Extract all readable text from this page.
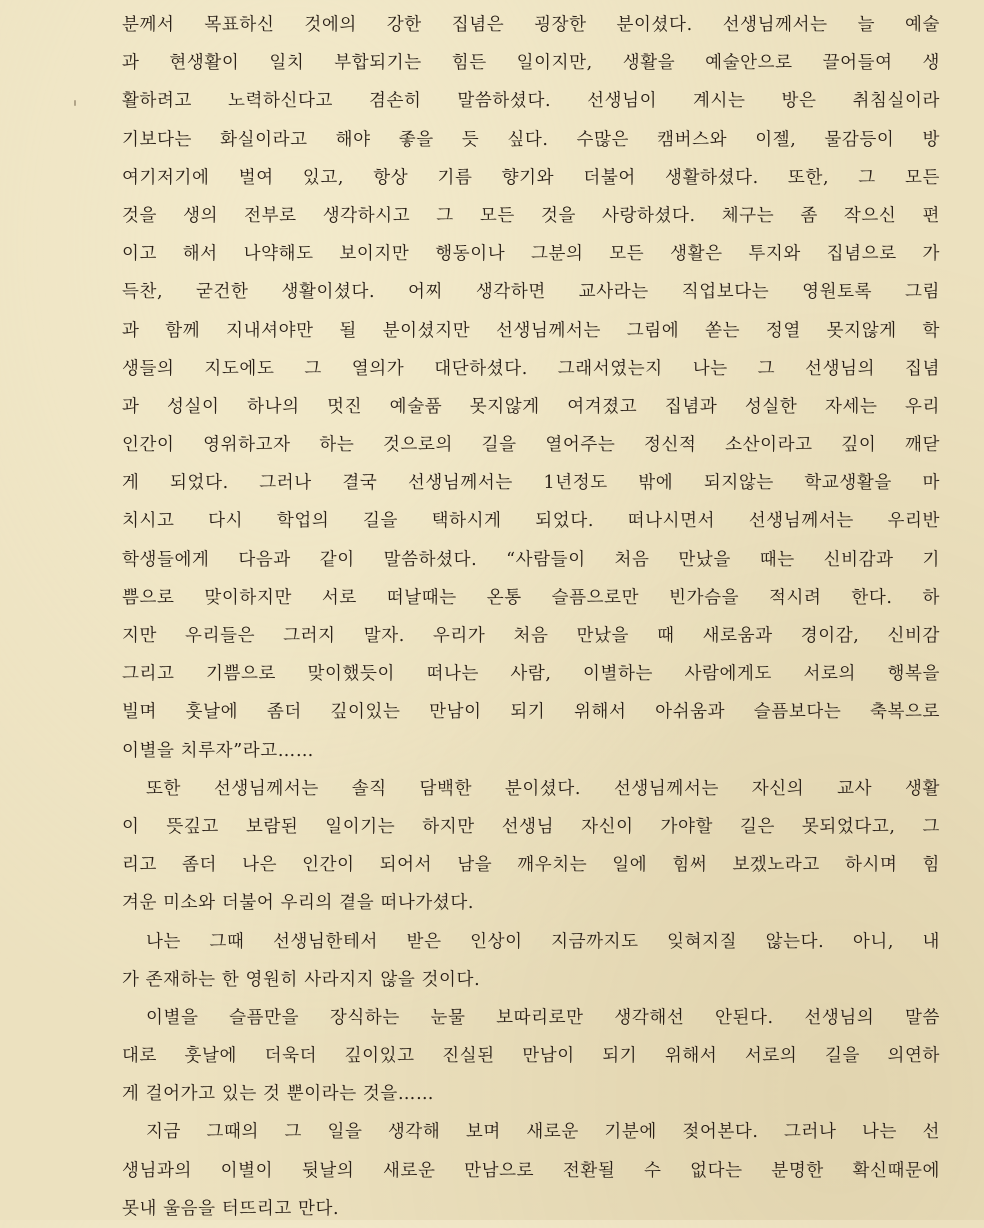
분께서 목표하신 것에의 강한 집념은 굉장한 분이셨다. 선생님께서는 늘 예술
과 현생활이 일치 부합되기는 힘든 일이지만, 생활을 예술안으로 끌어들여 생
활하려고 노력하신다고 겸손히 말씀하셨다. 선생님이 계시는 방은 취침실이라
기보다는 화실이라고 해야 좋을 듯 싶다. 수많은 캠버스와 이젤, 물감등이 방
여기저기에 벌여 있고, 항상 기름 향기와 더불어 생활하셨다. 또한, 그 모든
것을 생의 전부로 생각하시고 그 모든 것을 사랑하셨다. 체구는 좀 작으신 편
이고 해서 나약해도 보이지만 행동이나 그분의 모든 생활은 투지와 집념으로 가
득찬, 굳건한 생활이셨다. 어찌 생각하면 교사라는 직업보다는 영원토록 그림
과 함께 지내셔야만 될 분이셨지만 선생님께서는 그림에 쏟는 정열 못지않게 학
생들의 지도에도 그 열의가 대단하셨다. 그래서였는지 나는 그 선생님의 집념
과 성실이 하나의 멋진 예술품 못지않게 여겨졌고 집념과 성실한 자세는 우리
인간이 영위하고자 하는 것으로의 길을 열어주는 정신적 소산이라고 깊이 깨닫
게 되었다. 그러나 결국 선생님께서는 1년정도 밖에 되지않는 학교생활을 마
치시고 다시 학업의 길을 택하시게 되었다. 떠나시면서 선생님께서는 우리반
학생들에게 다음과 같이 말씀하셨다. “사람들이 처음 만났을 때는 신비감과 기
쁨으로 맞이하지만 서로 떠날때는 온통 슬픔으로만 빈가슴을 적시려 한다. 하
지만 우리들은 그러지 말자. 우리가 처음 만났을 때 새로움과 경이감, 신비감
그리고 기쁨으로 맞이했듯이 떠나는 사람, 이별하는 사람에게도 서로의 행복을
빌며 훗날에 좀더 깊이있는 만남이 되기 위해서 아쉬움과 슬픔보다는 축복으로
이별을 치루자”라고……
또한 선생님께서는 솔직 담백한 분이셨다. 선생님께서는 자신의 교사 생활
이 뜻깊고 보람된 일이기는 하지만 선생님 자신이 가야할 길은 못되었다고, 그
리고 좀더 나은 인간이 되어서 남을 깨우치는 일에 힘써 보겠노라고 하시며 힘
겨운 미소와 더불어 우리의 곁을 떠나가셨다.
나는 그때 선생님한테서 받은 인상이 지금까지도 잊혀지질 않는다. 아니, 내
가 존재하는 한 영원히 사라지지 않을 것이다.
이별을 슬픔만을 장식하는 눈물 보따리로만 생각해선 안된다. 선생님의 말씀
대로 훗날에 더욱더 깊이있고 진실된 만남이 되기 위해서 서로의 길을 의연하
게 걸어가고 있는 것 뿐이라는 것을……
지금 그때의 그 일을 생각해 보며 새로운 기분에 젖어본다. 그러나 나는 선
생님과의 이별이 뒷날의 새로운 만남으로 전환될 수 없다는 분명한 확신때문에
못내 울음을 터뜨리고 만다.
